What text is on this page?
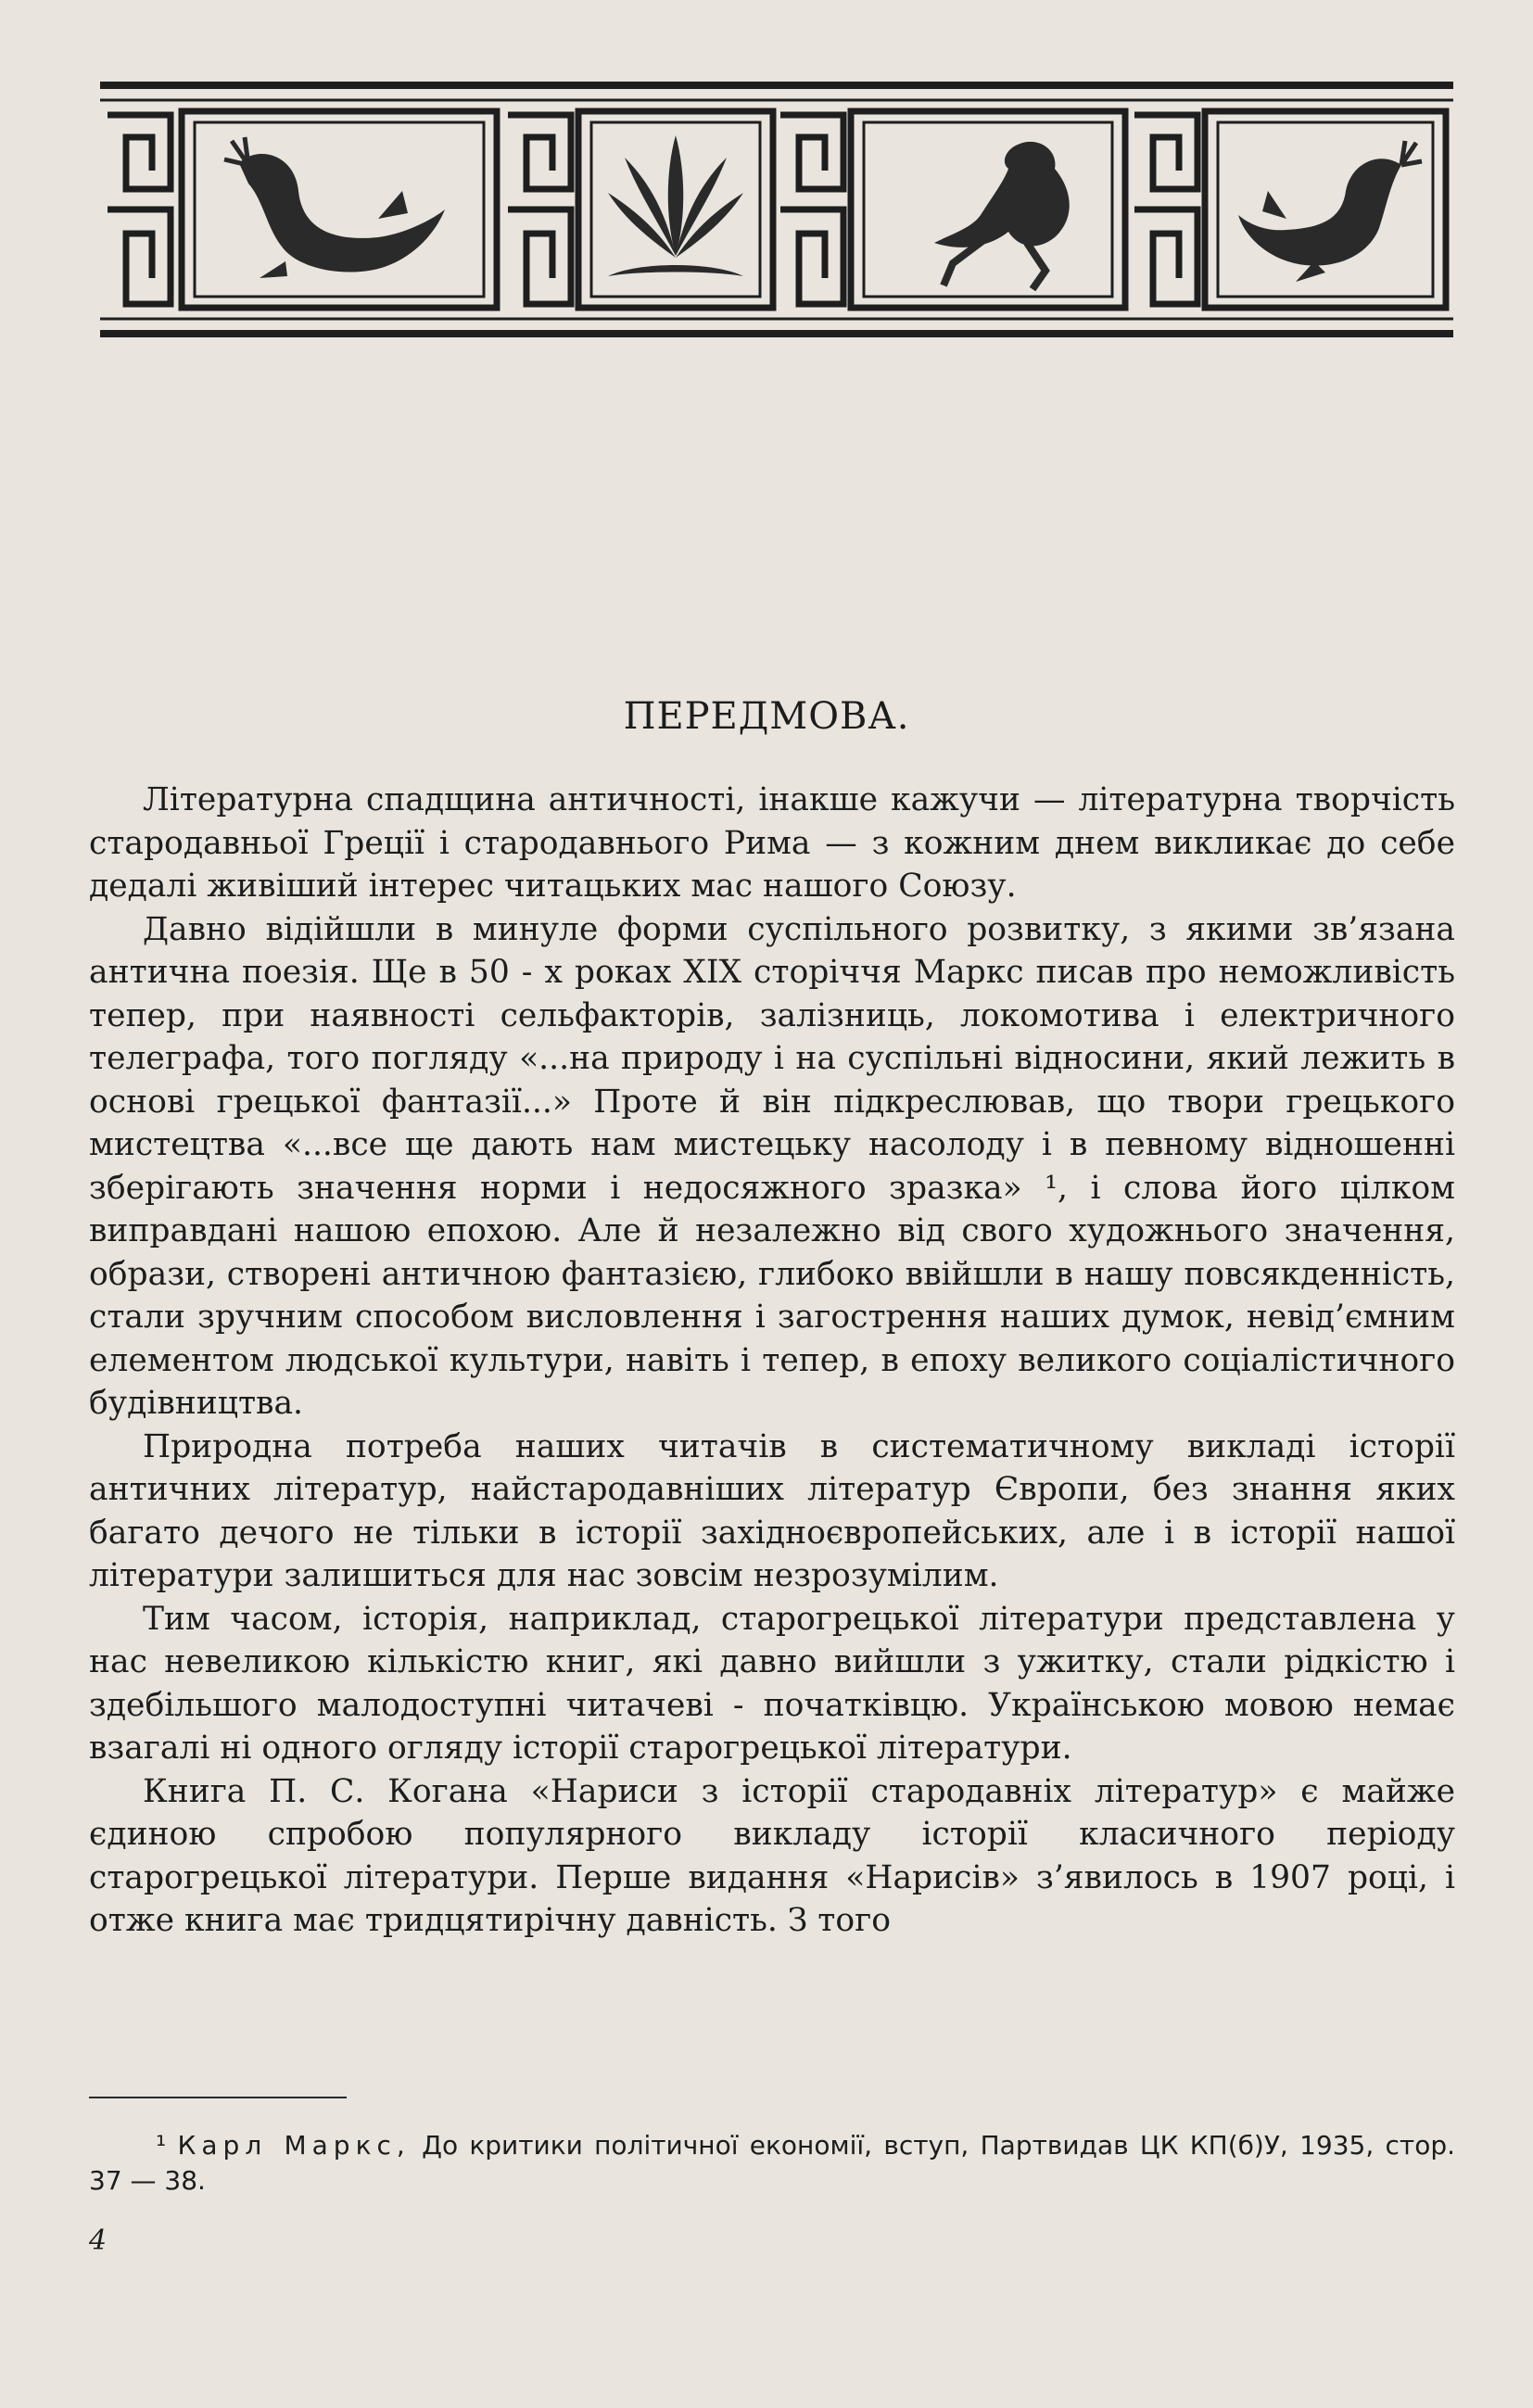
ПЕРЕДМОВА.

Літературна спадщина античності, інакше кажучи — літературна творчість стародавньої Греції і стародавнього Рима — з кожним днем викликає до себе дедалі живіший інтерес читацьких мас нашого Союзу.

Давно відійшли в минуле форми суспільного розвитку, з якими зв’язана антична поезія. Ще в 50 - х роках XIX сторіччя Маркс писав про неможливість тепер, при наявності сельфакторів, залізниць, локомотива і електричного телеграфа, того погляду «...на природу і на суспільні відносини, який лежить в основі грецької фантазії...» Проте й він підкреслював, що твори грецького мистецтва «...все ще дають нам мистецьку насолоду і в певному відношенні зберігають значення норми і недосяжного зразка» ¹, і слова його цілком виправдані нашою епохою. Але й незалежно від свого художнього значення, образи, створені античною фантазією, глибоко ввійшли в нашу повсякденність, стали зручним способом висловлення і загострення наших думок, невід’ємним елементом людської культури, навіть і тепер, в епоху великого соціалістичного будівництва.

Природна потреба наших читачів в систематичному викладі історії античних літератур, найстародавніших літератур Європи, без знання яких багато дечого не тільки в історії західноєвропейських, але і в історії нашої літератури залишиться для нас зовсім незрозумілим.

Тим часом, історія, наприклад, старогрецької літератури представлена у нас невеликою кількістю книг, які давно вийшли з ужитку, стали рідкістю і здебільшого малодоступні читачеві - початківцю. Українською мовою немає взагалі ні одного огляду історії старогрецької літератури.

Книга П. С. Когана «Нариси з історії стародавніх літератур» є майже єдиною спробою популярного викладу історії класичного періоду старогрецької літератури. Перше видання «Нарисів» з’явилось в 1907 році, і отже книга має тридцятирічну давність. З того

¹ Карл Маркс, До критики політичної економії, вступ, Партвидав ЦК КП(б)У, 1935, стор. 37 — 38.

4
